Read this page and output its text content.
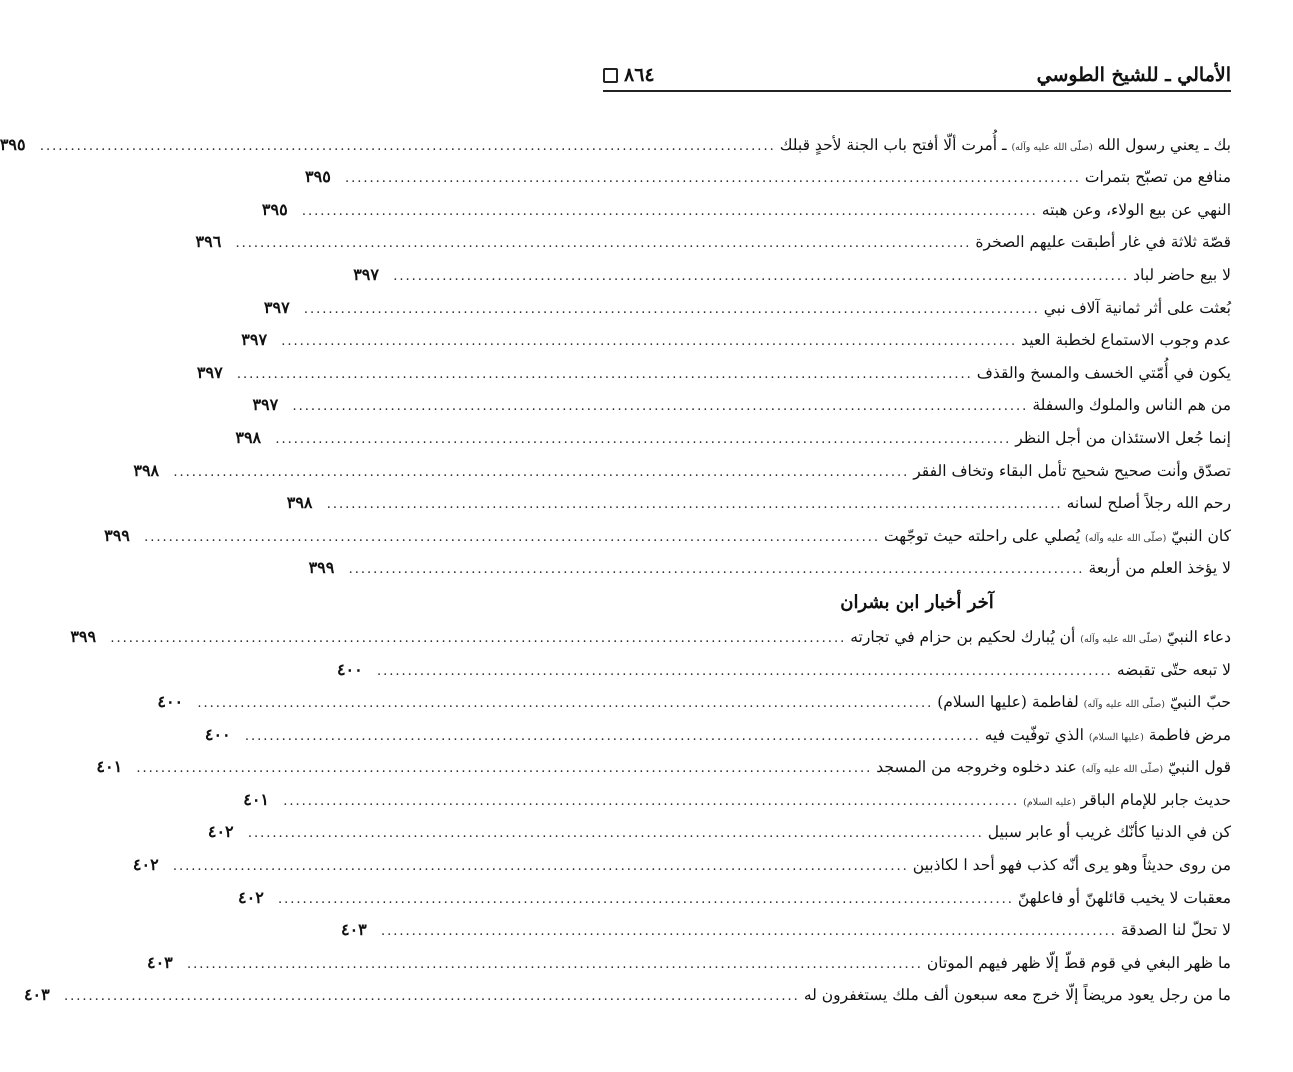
الأمالي ـ للشيخ الطوسي
٨٦٤
بك ـ يعني رسول الله (صلّى الله عليه وآله) ـ أُمرت ألّا أفتح باب الجنة لأحدٍ قبلك
........................................................................................................................
٣٩٥
منافع من تصبّح بتمرات
........................................................................................................................
٣٩٥
النهي عن بيع الولاء، وعن هبته
........................................................................................................................
٣٩٥
قصّة ثلاثة في غار أطبقت عليهم الصخرة
........................................................................................................................
٣٩٦
لا بيع حاضر لباد
........................................................................................................................
٣٩٧
بُعثت على أثر ثمانية آلاف نبي
........................................................................................................................
٣٩٧
عدم وجوب الاستماع لخطبة العيد
........................................................................................................................
٣٩٧
يكون في أُمّتي الخسف والمسخ والقذف
........................................................................................................................
٣٩٧
من هم الناس والملوك والسفلة
........................................................................................................................
٣٩٧
إنما جُعل الاستئذان من أجل النظر
........................................................................................................................
٣٩٨
تصدّق وأنت صحيح شحيح تأمل البقاء وتخاف الفقر
........................................................................................................................
٣٩٨
رحم الله رجلاً أصلح لسانه
........................................................................................................................
٣٩٨
كان النبيّ (صلّى الله عليه وآله) يُصلي على راحلته حيث توجّهت
........................................................................................................................
٣٩٩
لا يؤخذ العلم من أربعة
........................................................................................................................
٣٩٩
آخر أخبار ابن بشران
دعاء النبيّ (صلّى الله عليه وآله) أن يُبارك لحكيم بن حزام في تجارته
........................................................................................................................
٣٩٩
لا تبعه حتّى تقبضه
........................................................................................................................
٤٠٠
حبّ النبيّ (صلّى الله عليه وآله) لفاطمة (عليها السلام)
........................................................................................................................
٤٠٠
مرض فاطمة (عليها السلام) الذي توفّيت فيه
........................................................................................................................
٤٠٠
قول النبيّ (صلّى الله عليه وآله) عند دخلوه وخروجه من المسجد
........................................................................................................................
٤٠١
حديث جابر للإمام الباقر (عليه السلام)
........................................................................................................................
٤٠١
كن في الدنيا كأنّك غريب أو عابر سبيل
........................................................................................................................
٤٠٢
من روى حديثاً وهو يرى أنّه كذب فهو أحد ا لكاذبين
........................................................................................................................
٤٠٢
معقبات لا يخيب قائلهنّ أو فاعلهنّ
........................................................................................................................
٤٠٢
لا تحلّ لنا الصدقة
........................................................................................................................
٤٠٣
ما ظهر البغي في قوم قطّ إلّا ظهر فيهم الموتان
........................................................................................................................
٤٠٣
ما من رجل يعود مريضاً إلّا خرج معه سبعون ألف ملك يستغفرون له
........................................................................................................................
٤٠٣
